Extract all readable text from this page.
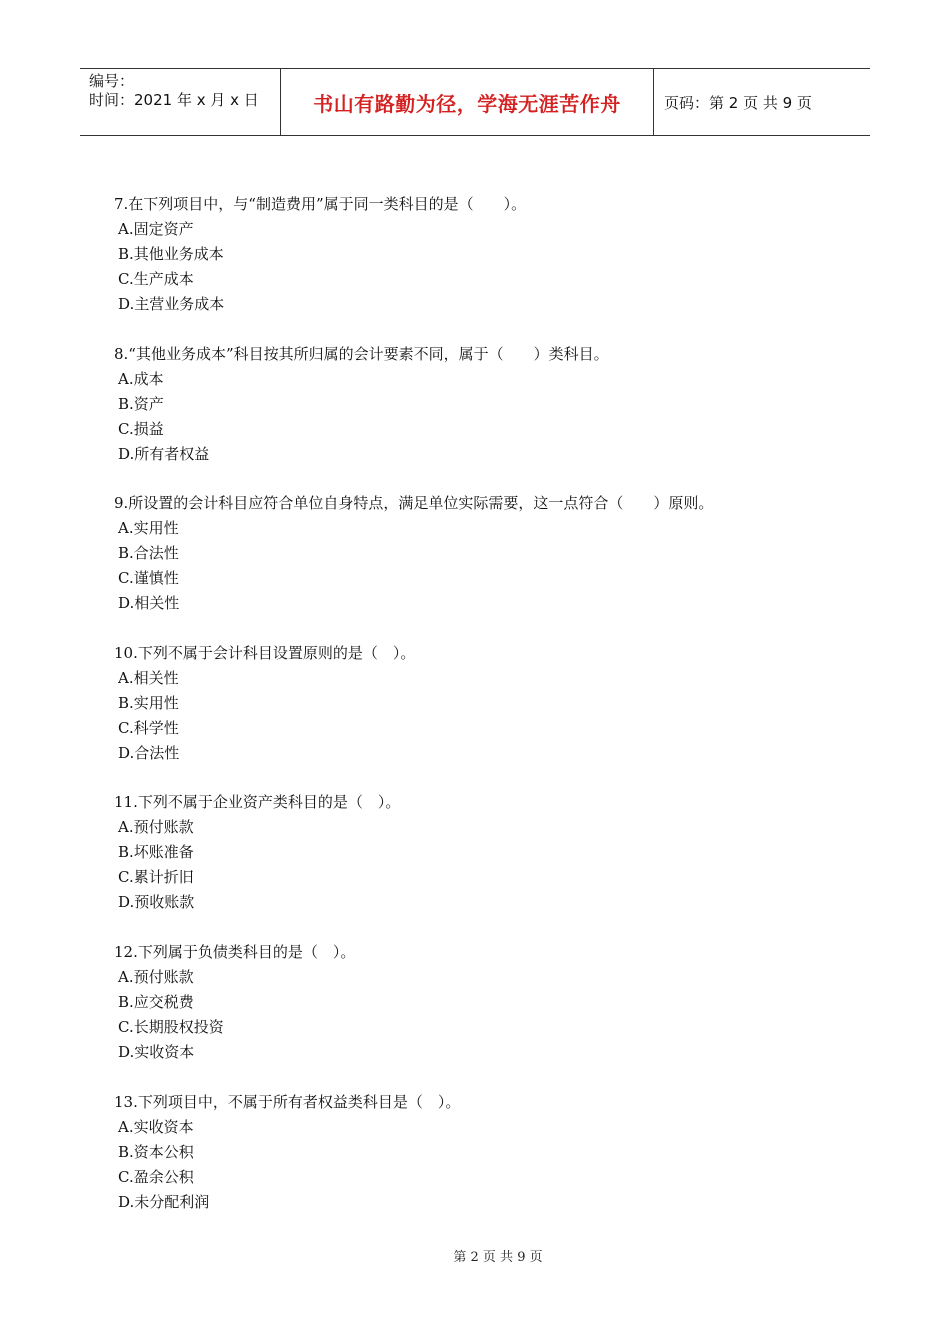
编号：
时间：2021 年 x 月 x 日	书山有路勤为径，学海无涯苦作舟	页码：第 2 页 共 9 页
7.在下列项目中，与“制造费用”属于同一类科目的是（　　）。
A.固定资产
B.其他业务成本
C.生产成本
D.主营业务成本
8.“其他业务成本”科目按其所归属的会计要素不同，属于（　　）类科目。
A.成本
B.资产
C.损益
D.所有者权益
9.所设置的会计科目应符合单位自身特点，满足单位实际需要，这一点符合（　　）原则。
A.实用性
B.合法性
C.谨慎性
D.相关性
10.下列不属于会计科目设置原则的是（　）。
A.相关性
B.实用性
C.科学性
D.合法性
11.下列不属于企业资产类科目的是（　）。
A.预付账款
B.坏账准备
C.累计折旧
D.预收账款
12.下列属于负债类科目的是（　）。
A.预付账款
B.应交税费
C.长期股权投资
D.实收资本
13.下列项目中，不属于所有者权益类科目是（　）。
A.实收资本
B.资本公积
C.盈余公积
D.未分配利润
第 2 页 共 9 页
